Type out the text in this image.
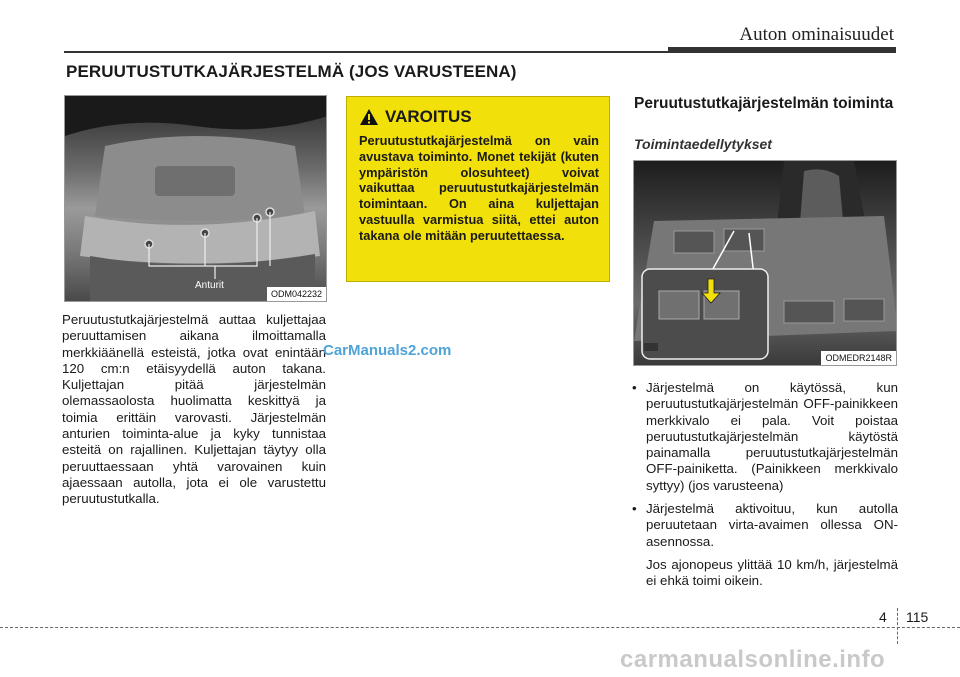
Auton ominaisuudet
PERUUTUSTUTKAJÄRJESTELMÄ (JOS VARUSTEENA)
Anturit
ODM042232
Peruutustutkajärjestelmä auttaa kuljettajaa peruuttamisen aikana ilmoittamalla merkkiäänellä esteistä, jotka ovat enintään 120 cm:n etäisyydellä auton takana. Kuljettajan pitää järjestelmän olemassaolosta huolimatta keskittyä ja toimia erittäin varovasti. Järjestelmän anturien toiminta-alue ja kyky tunnistaa esteitä on rajallinen. Kuljettajan täytyy olla peruuttaessaan yhtä varovainen kuin ajaessaan autolla, jota ei ole varustettu peruutustutkalla.
VAROITUS
Peruutustutkajärjestelmä on vain avustava toiminto. Monet tekijät (kuten ympäristön olosuhteet) voivat vaikuttaa peruutustutkajärjestelmän toimintaan. On aina kuljettajan vastuulla varmistua siitä, ettei auton takana ole mitään peruutettaessa.
Peruutustutkajärjestelmän toiminta
Toimintaedellytykset
ODMEDR2148R
• Järjestelmä on käytössä, kun peruutustutkajärjestelmän OFF-painikkeen merkkivalo ei pala. Voit poistaa peruutustutkajärjestelmän käytöstä painamalla peruutustutkajärjestelmän OFF-painiketta. (Painikkeen merkkivalo syttyy) (jos varusteena)
• Järjestelmä aktivoituu, kun autolla peruutetaan virta-avaimen ollessa ON-asennossa.
Jos ajonopeus ylittää 10 km/h, järjestelmä ei ehkä toimi oikein.
CarManuals2.com
carmanualsonline.info
4 115
